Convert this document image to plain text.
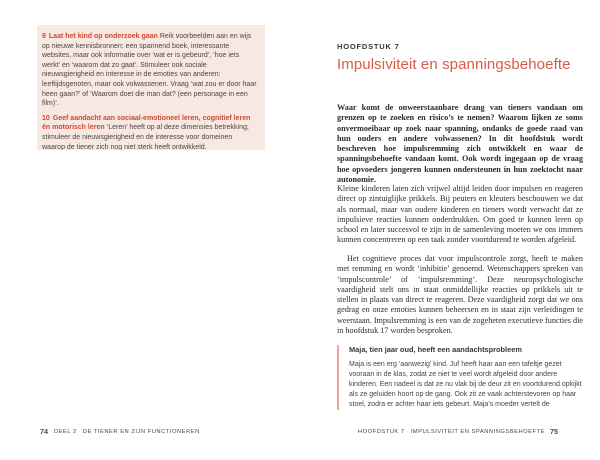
9 Laat het kind op onderzoek gaan Reik voorbeelden aan en wijs op nieuwe kennisbronnen: een spannend boek, interessante websites, maar ook informatie over ‘wat er is gebeurd’, ‘hoe iets werkt’ en ‘waarom dat zo gaat’. Stimuleer ook sociale nieuwsgierigheid en interesse in de emoties van anderen: leeftijdsgenoten, maar ook volwassenen. Vraag ‘wat zou er door haar heen gaan?’ of ‘Waarom doet die man dat? (een personage in een film)’.

10 Geef aandacht aan sociaal-emotioneel leren, cognitief leren én motorisch leren ‘Leren’ heeft op al deze dimensies betrekking; stimuleer de nieuwsgierigheid en de interesse voor domeinen waarop de tiener zich nog niet sterk heeft ontwikkeld.

74 DEEL 2 DE TIENER EN ZIJN FUNCTIONEREN
HOOFDSTUK 7
Impulsiviteit en spanningsbehoefte

Waar komt de onweerstaanbare drang van tieners vandaan om grenzen op te zoeken en risico’s te nemen? Waarom lijken ze soms onvermoeibaar op zoek naar spanning, ondanks de goede raad van hun ouders en andere volwassenen? In dit hoofdstuk wordt beschreven hoe impulsremming zich ontwikkelt en waar de spanningsbehoefte vandaan komt. Ook wordt ingegaan op de vraag hoe opvoeders jongeren kunnen ondersteunen in hun zoektocht naar autonomie.

Kleine kinderen laten zich vrijwel altijd leiden door impulsen en reageren direct op zintuiglijke prikkels. Bij peuters en kleuters beschouwen we dat als normaal, maar van oudere kinderen en tieners wordt verwacht dat ze impulsieve reacties kunnen onderdrukken. Om goed te kunnen leren op school en later succesvol te zijn in de samenleving moeten we ons immers kunnen concentreren op een taak zonder voortdurend te worden afgeleid.

Het cognitieve proces dat voor impulscontrole zorgt, heeft te maken met remming en wordt ‘inhibitie’ genoemd. Wetenschappers spreken van ‘impulscontrole’ of ‘impulsremming’. Deze neuropsychologische vaardigheid stelt ons in staat onmiddellijke reacties op prikkels uit te stellen in plaats van direct te reageren. Deze vaardigheid zorgt dat we ons gedrag en onze emoties kunnen beheersen en in staat zijn verleidingen te weerstaan. Impulsremming is een van de zogeheten executieve functies die in hoofdstuk 17 worden besproken.

Maja, tien jaar oud, heeft een aandachtsprobleem

Maja is een erg ‘aanwezig’ kind. Juf heeft haar aan een tafeltje gezet vooraan in de klas, zodat ze niet te veel wordt afgeleid door andere kinderen. Een nadeel is dat ze nu vlak bij de deur zit en voortdurend opkijkt als ze geluiden hoort op de gang. Ook zit ze vaak achterstevoren op haar stoel, zodra er achter haar iets gebeurt. Maja’s moeder vertelt de

HOOFDSTUK 7 IMPULSIVITEIT EN SPANNINGSBEHOEFTE 75
